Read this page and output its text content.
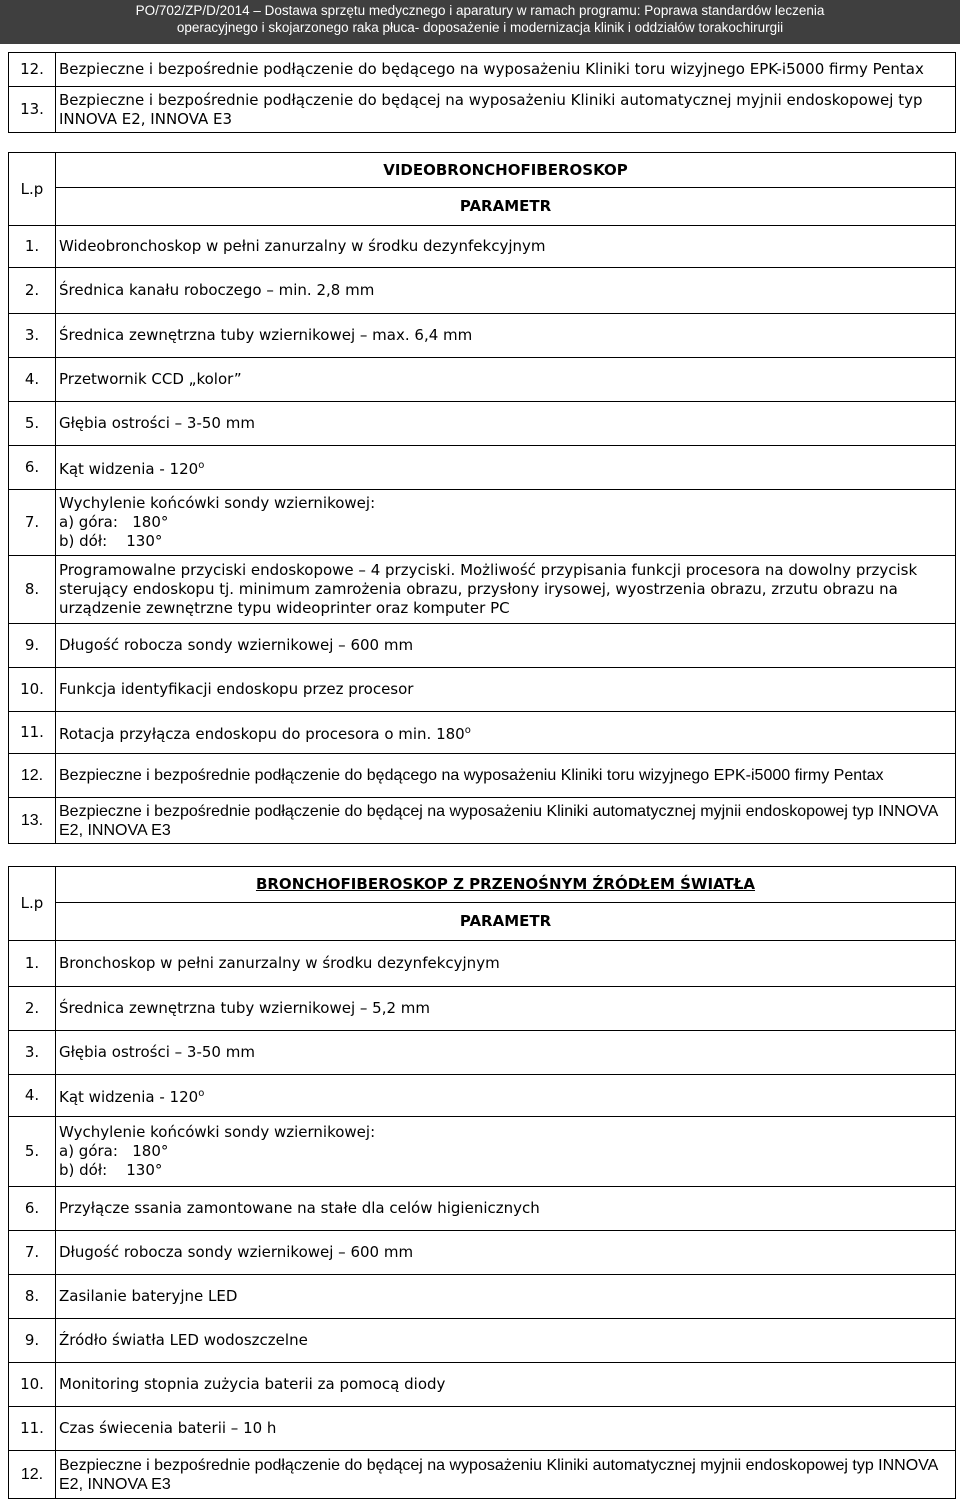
PO/702/ZP/D/2014 – Dostawa sprzętu medycznego i aparatury w ramach programu: Poprawa standardów leczenia
operacyjnego i skojarzonego raka płuca- doposażenie i modernizacja klinik i oddziałów torakochirurgii
12.	Bezpieczne i bezpośrednie podłączenie do będącego na wyposażeniu Kliniki toru wizyjnego EPK-i5000 firmy Pentax
13.	Bezpieczne i bezpośrednie podłączenie do będącej na wyposażeniu Kliniki automatycznej myjnii endoskopowej typ INNOVA E2, INNOVA E3
L.p	VIDEOBRONCHOFIBEROSKOP
	PARAMETR
1.	Wideobronchoskop w pełni zanurzalny w środku dezynfekcyjnym
2.	Średnica kanału roboczego – min. 2,8 mm
3.	Średnica zewnętrzna tuby wziernikowej – max. 6,4 mm
4.	Przetwornik CCD „kolor”
5.	Głębia ostrości – 3-50 mm
6.	Kąt widzenia - 120$^o$
7.	Wychylenie końcówki sondy wziernikowej:
a) góra:   180°
b) dół:    130°

8.	Programowalne przyciski endoskopowe – 4 przyciski. Możliwość przypisania funkcji procesora na dowolny przycisk sterujący endoskopu tj. minimum zamrożenia obrazu, przysłony irysowej, wyostrzenia obrazu, zrzutu obrazu na urządzenie zewnętrzne typu wideoprinter oraz komputer PC
9.	Długość robocza sondy wziernikowej – 600 mm
10.	Funkcja identyfikacji endoskopu przez procesor
11.	Rotacja przyłącza endoskopu do procesora o min. 180$^o$
12.	Bezpieczne i bezpośrednie podłączenie do będącego na wyposażeniu Kliniki toru wizyjnego EPK-i5000 firmy Pentax
13.	Bezpieczne i bezpośrednie podłączenie do będącej na wyposażeniu Kliniki automatycznej myjnii endoskopowej typ INNOVA E2, INNOVA E3
L.p	BRONCHOFIBEROSKOP Z PRZENOŚNYM ŹRÓDŁEM ŚWIATŁA
	PARAMETR
1.	Bronchoskop w pełni zanurzalny w środku dezynfekcyjnym
2.	Średnica zewnętrzna tuby wziernikowej – 5,2 mm
3.	Głębia ostrości – 3-50 mm
4.	Kąt widzenia - 120$^o$
5.	Wychylenie końcówki sondy wziernikowej:
a) góra:   180°
b) dół:    130°

6.	Przyłącze ssania zamontowane na stałe dla celów higienicznych
7.	Długość robocza sondy wziernikowej – 600 mm
8.	Zasilanie bateryjne LED
9.	Źródło światła LED wodoszczelne
10.	Monitoring stopnia zużycia baterii za pomocą diody
11.	Czas świecenia baterii – 10 h
12.	Bezpieczne i bezpośrednie podłączenie do będącej na wyposażeniu Kliniki automatycznej myjnii endoskopowej typ INNOVA E2, INNOVA E3
